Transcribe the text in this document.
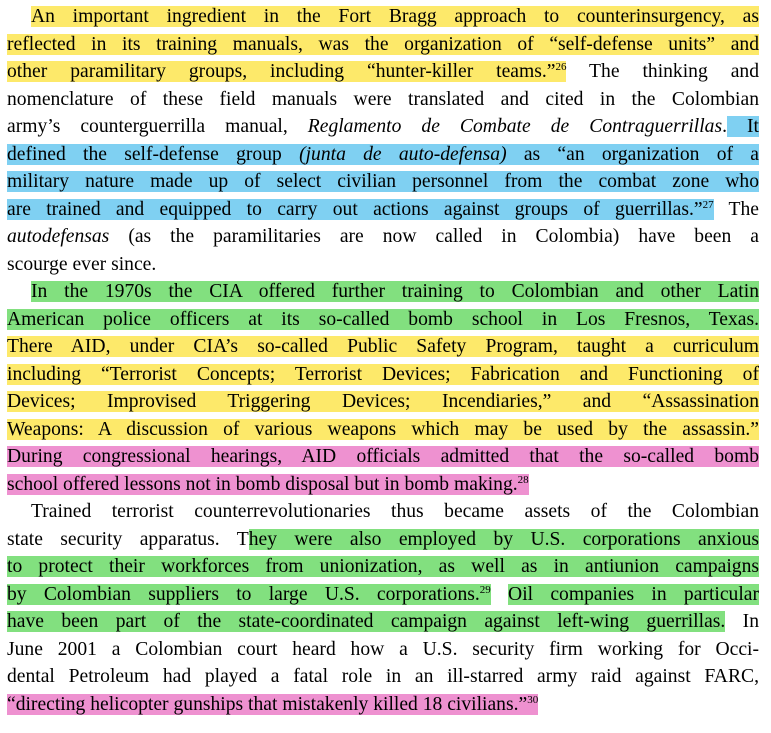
An important ingredient in the Fort Bragg approach to counterinsurgency, as
reflected in its training manuals, was the organization of “self-defense units” and
other paramilitary groups, including “hunter-killer teams.”$^{26}$ The thinking and
nomenclature of these field manuals were translated and cited in the Colombian
army’s counterguerrilla manual, Reglamento de Combate de Contraguerrillas. It
defined the self-defense group (junta de auto-defensa) as “an organization of a
military nature made up of select civilian personnel from the combat zone who
are trained and equipped to carry out actions against groups of guerrillas.”$^{27}$ The
autodefensas (as the paramilitaries are now called in Colombia) have been a
scourge ever since.
In the 1970s the CIA offered further training to Colombian and other Latin
American police officers at its so-called bomb school in Los Fresnos, Texas.
There AID, under CIA’s so-called Public Safety Program, taught a curriculum
including “Terrorist Concepts; Terrorist Devices; Fabrication and Functioning of
Devices; Improvised Triggering Devices; Incendiaries,” and “Assassination
Weapons: A discussion of various weapons which may be used by the assassin.”
During congressional hearings, AID officials admitted that the so-called bomb
school offered lessons not in bomb disposal but in bomb making.$^{28}$
Trained terrorist counterrevolutionaries thus became assets of the Colombian
state security apparatus. They were also employed by U.S. corporations anxious
to protect their workforces from unionization, as well as in antiunion campaigns
by Colombian suppliers to large U.S. corporations.$^{29}$ Oil companies in particular
have been part of the state-coordinated campaign against left-wing guerrillas. In
June 2001 a Colombian court heard how a U.S. security firm working for Occi-
dental Petroleum had played a fatal role in an ill-starred army raid against FARC,
“directing helicopter gunships that mistakenly killed 18 civilians.”$^{30}$
